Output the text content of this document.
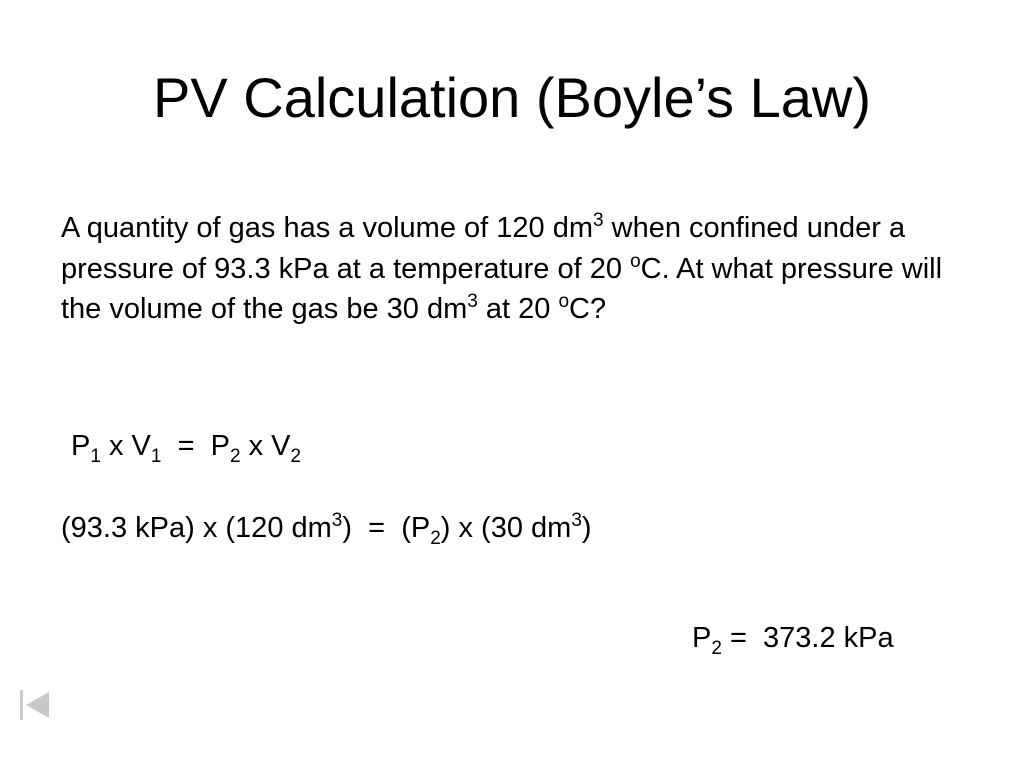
PV Calculation (Boyle’s Law)
A quantity of gas has a volume of 120 $dm^3$ when confined under a pressure of 93.3 kPa at a temperature of 20 $^o$C. At what pressure will the volume of the gas be 30 $dm^3$ at 20 $^o$C?
$P_1$ x $V_1 = P_2$ x $V_2$
(93.3 kPa) x (120 $dm^3) = (P_2)$ x (30 $dm^3$)
$P_2 = 373.2$ kPa
